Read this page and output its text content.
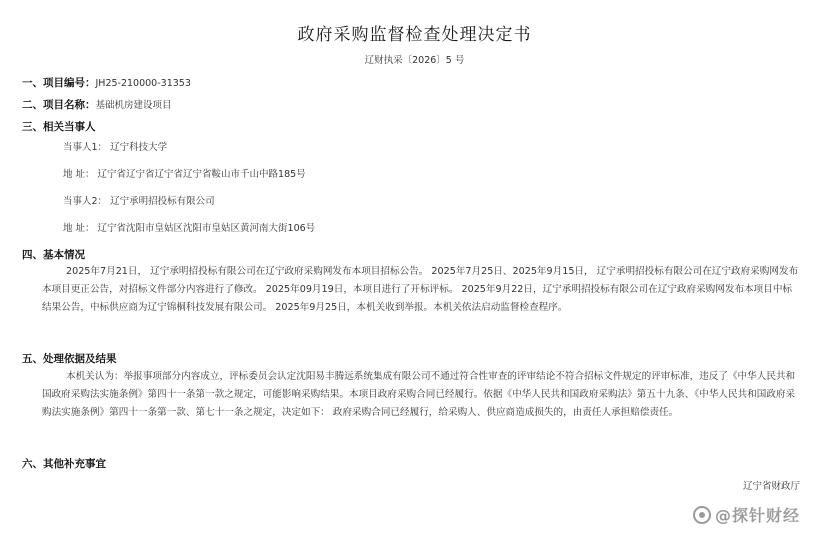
政府采购监督检查处理决定书
辽财执采〔2026〕5 号
一、项目编号：JH25-210000-31353
二、项目名称：基础机房建设项目
三、相关当事人
当事人1： 辽宁科技大学
地 址： 辽宁省辽宁省辽宁省辽宁省鞍山市千山中路185号
当事人2： 辽宁承明招投标有限公司
地 址： 辽宁省沈阳市皇姑区沈阳市皇姑区黄河南大街106号
四、基本情况
2025年7月21日， 辽宁承明招投标有限公司在辽宁政府采购网发布本项目招标公告。 2025年7月25日、2025年9月15日， 辽宁承明招投标有限公司在辽宁政府采购网发布本项目更正公告，对招标文件部分内容进行了修改。 2025年09月19日，本项目进行了开标评标。 2025年9月22日，辽宁承明招投标有限公司在辽宁政府采购网发布本项目中标结果公告，中标供应商为辽宁锦桐科技发展有限公司。 2025年9月25日，本机关收到举报。本机关依法启动监督检查程序。
五、处理依据及结果
本机关认为：举报事项部分内容成立，评标委员会认定沈阳易丰腾远系统集成有限公司不通过符合性审查的评审结论不符合招标文件规定的评审标准，违反了《中华人民共和国政府采购法实施条例》第四十一条第一款之规定，可能影响采购结果。本项目政府采购合同已经履行。依据《中华人民共和国政府采购法》第五十九条、《中华人民共和国政府采购法实施条例》第四十一条第一款、第七十一条之规定，决定如下： 政府采购合同已经履行，给采购人、供应商造成损失的，由责任人承担赔偿责任。
六、其他补充事宜
辽宁省财政厅
@探针财经
